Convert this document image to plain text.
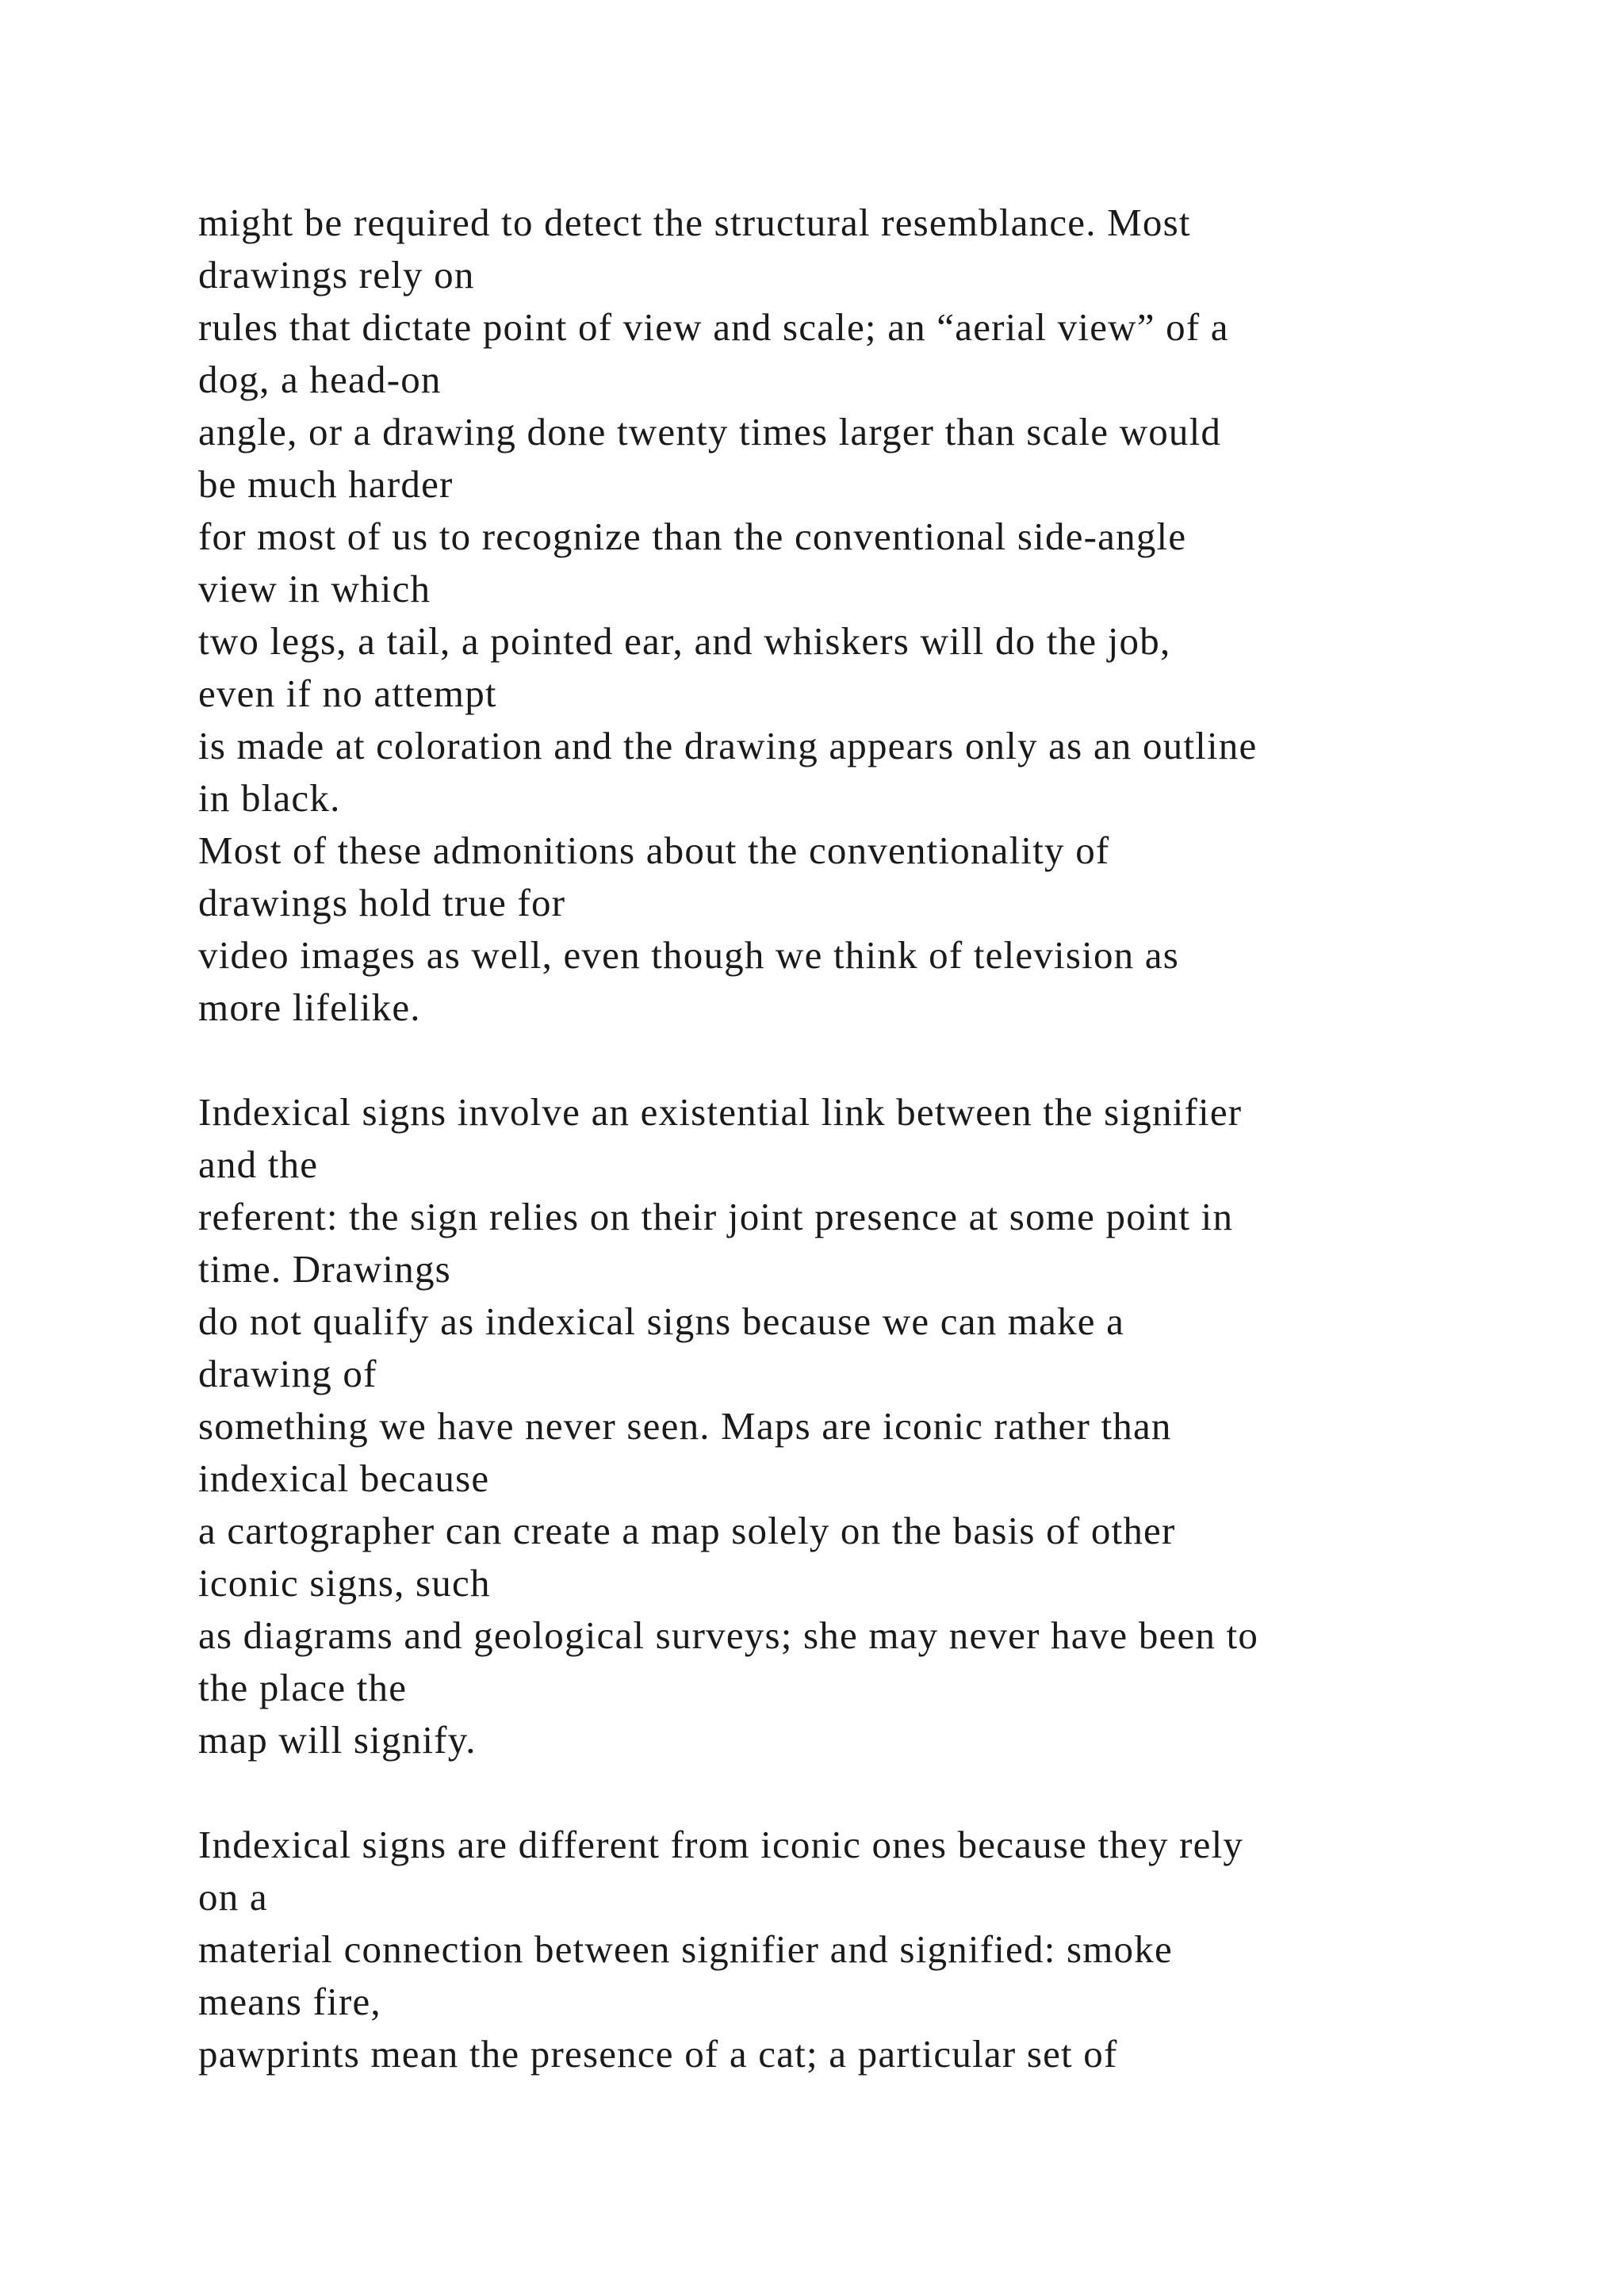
might be required to detect the structural resemblance. Most
drawings rely on
rules that dictate point of view and scale; an “aerial view” of a
dog, a head-on
angle, or a drawing done twenty times larger than scale would
be much harder
for most of us to recognize than the conventional side-angle
view in which
two legs, a tail, a pointed ear, and whiskers will do the job,
even if no attempt
is made at coloration and the drawing appears only as an outline
in black.
Most of these admonitions about the conventionality of
drawings hold true for
video images as well, even though we think of television as
more lifelike.
Indexical signs involve an existential link between the signifier
and the
referent: the sign relies on their joint presence at some point in
time. Drawings
do not qualify as indexical signs because we can make a
drawing of
something we have never seen. Maps are iconic rather than
indexical because
a cartographer can create a map solely on the basis of other
iconic signs, such
as diagrams and geological surveys; she may never have been to
the place the
map will signify.
Indexical signs are different from iconic ones because they rely
on a
material connection between signifier and signified: smoke
means fire,
pawprints mean the presence of a cat; a particular set of
